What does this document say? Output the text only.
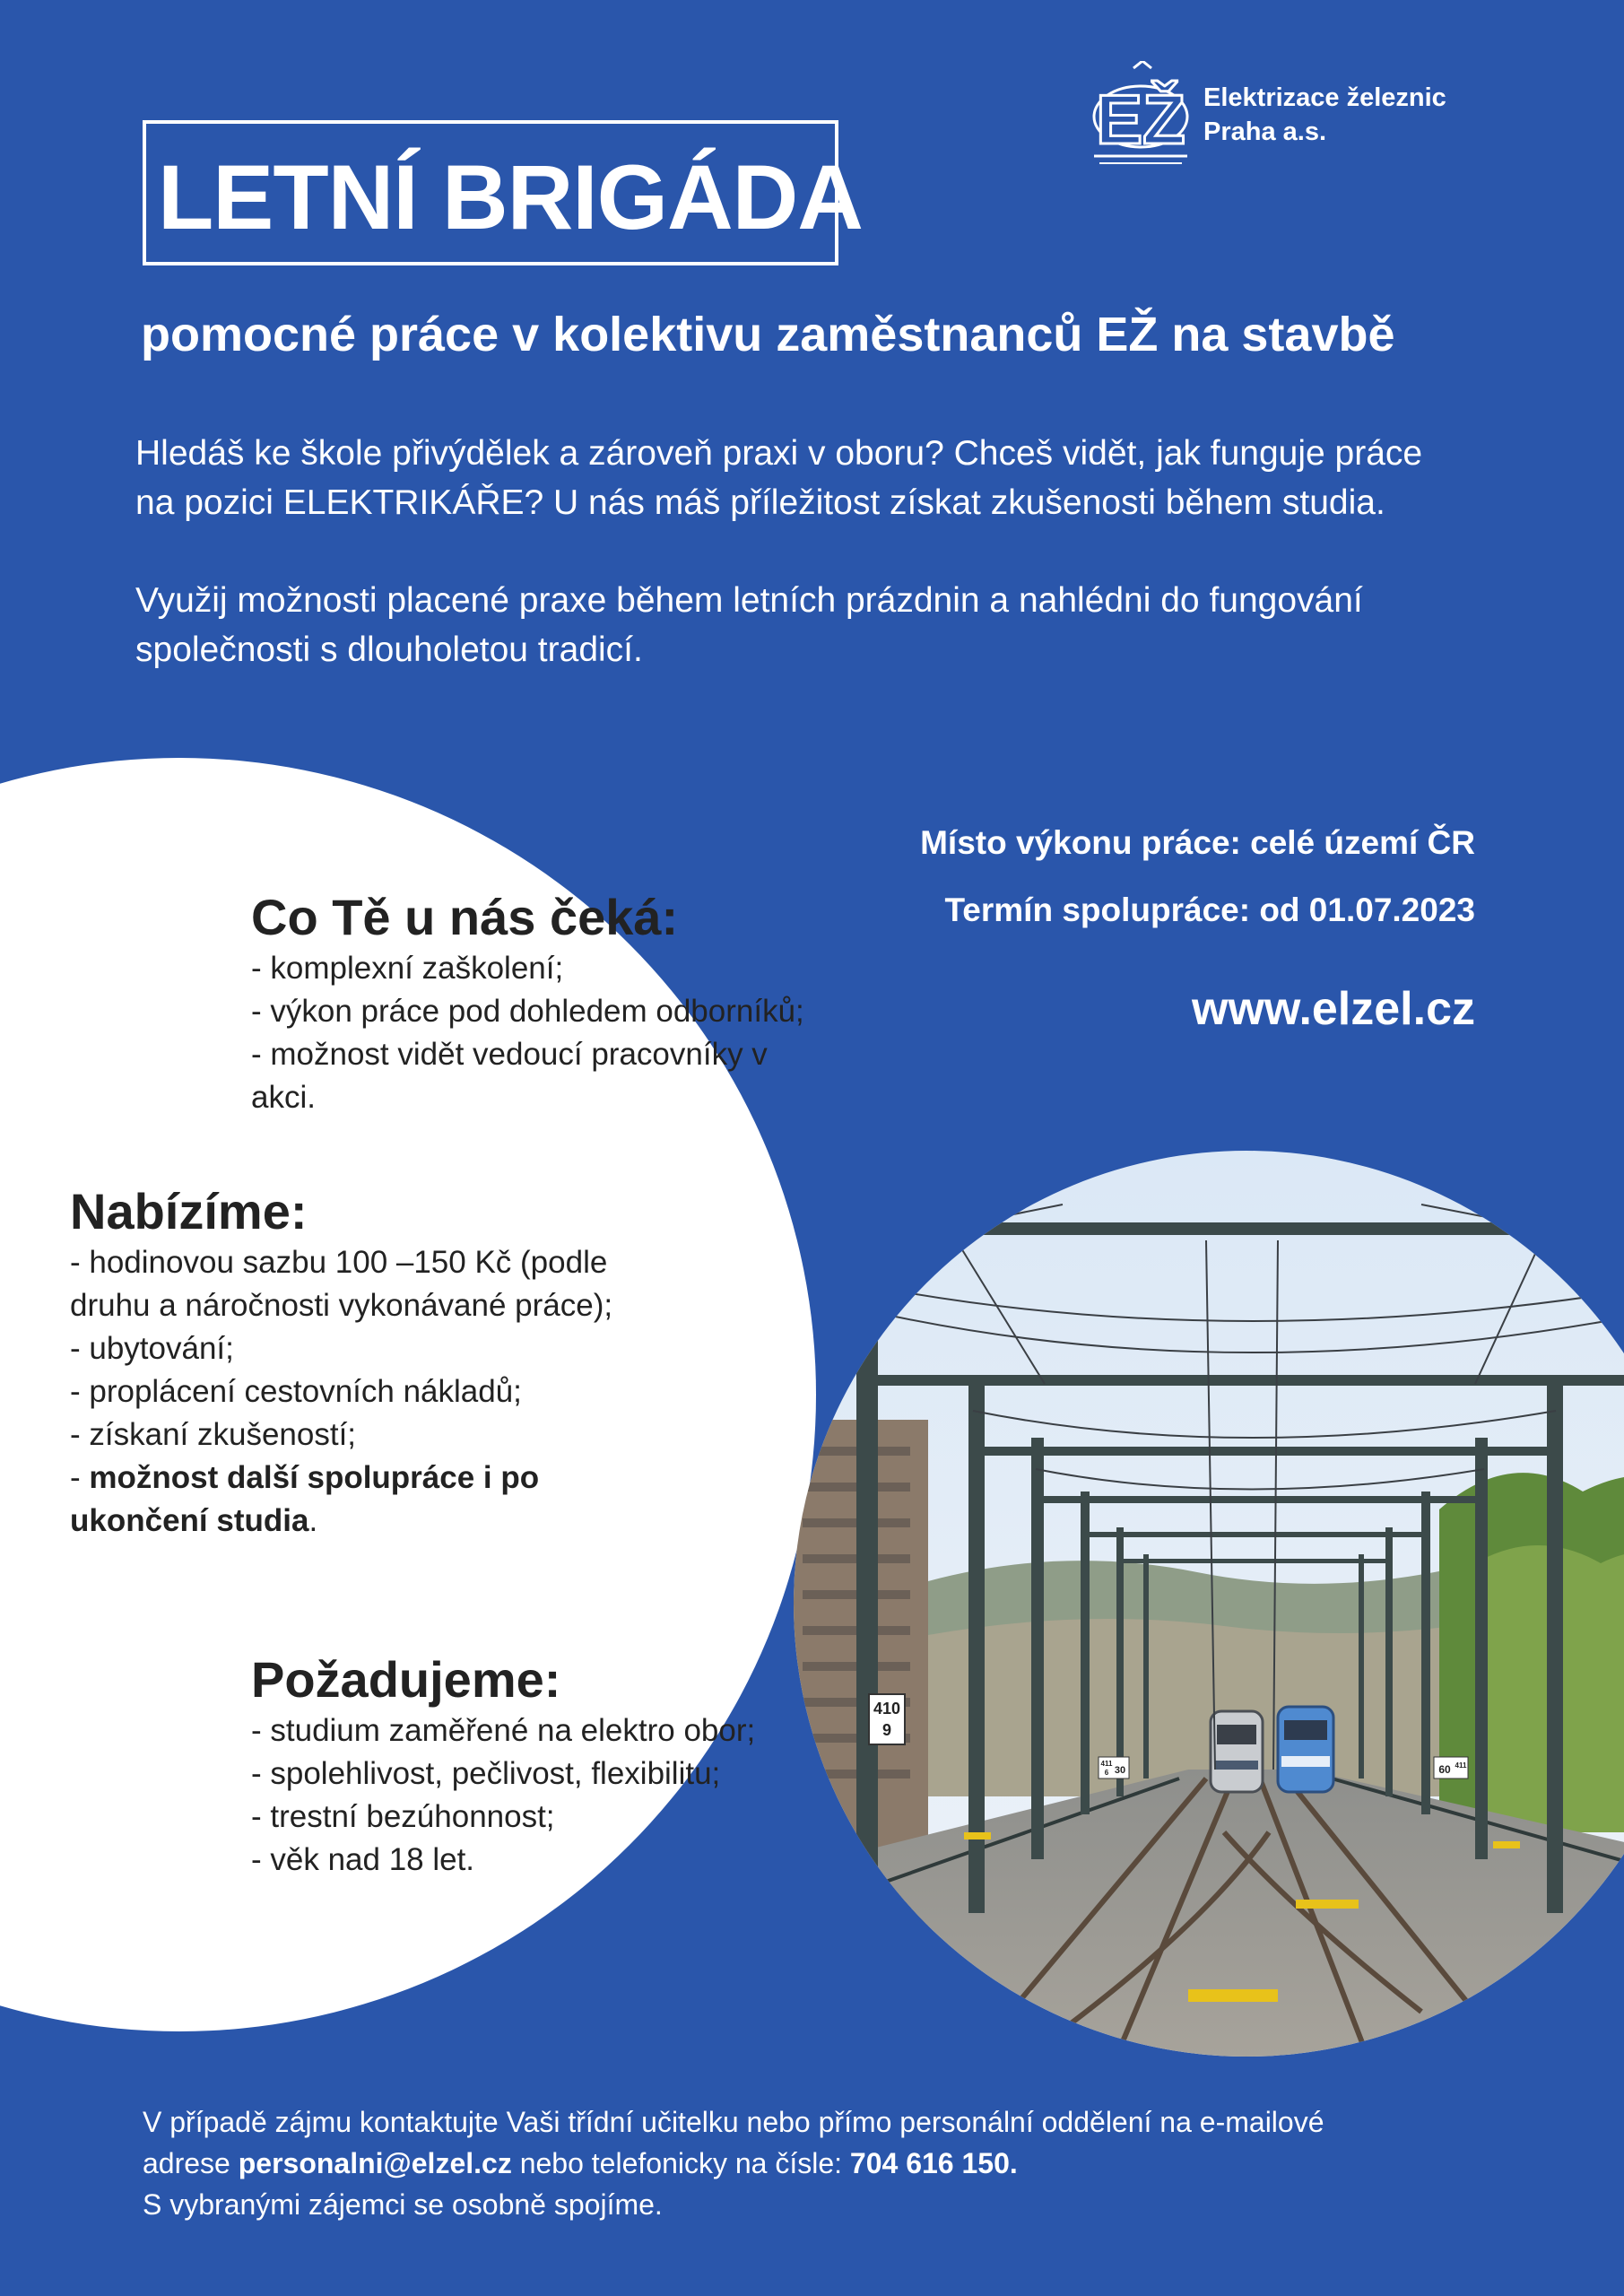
EŽ Elektrizace železnic
Praha a.s.
LETNÍ BRIGÁDA
pomocné práce v kolektivu zaměstnanců EŽ na stavbě

Hledáš ke škole přivýdělek a zároveň praxi v oboru? Chceš vidět, jak funguje práce na pozici ELEKTRIKÁŘE? U nás máš příležitost získat zkušenosti během studia.

Využij možnosti placené praxe během letních prázdnin a nahlédni do fungování společnosti s dlouholetou tradicí.

Místo výkonu práce: celé území ČR
Termín spolupráce: od 01.07.2023
www.elzel.cz
410
9
411
6 30	60 411
Co Tě u nás čeká:
- komplexní zaškolení;
- výkon práce pod dohledem odborníků;
- možnost vidět vedoucí pracovníky v akci.
Nabízíme:
- hodinovou sazbu 100 –150 Kč (podle druhu a náročnosti vykonávané práce);
- ubytování;
- proplácení cestovních nákladů;
- získaní zkušeností;
- možnost další spolupráce i po ukončení studia.
Požadujeme:
- studium zaměřené na elektro obor;
- spolehlivost, pečlivost, flexibilitu;
- trestní bezúhonnost;
- věk nad 18 let.
V případě zájmu kontaktujte Vaši třídní učitelku nebo přímo personální oddělení na e-mailové
adrese personalni@elzel.cz nebo telefonicky na čísle: 704 616 150.
S vybranými zájemci se osobně spojíme.
